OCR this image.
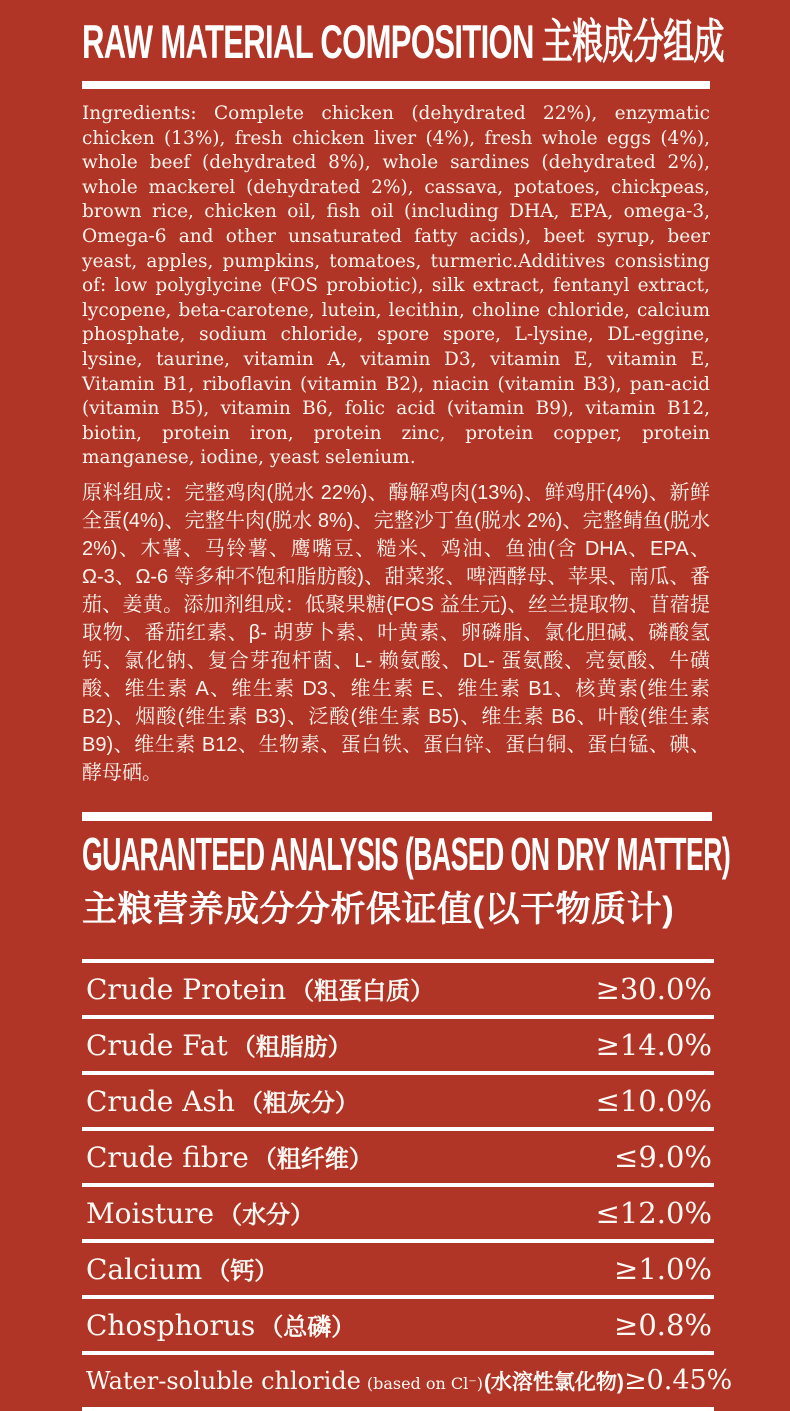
RAW MATERIAL COMPOSITION 主粮成分组成

Ingredients: Complete chicken (dehydrated 22%), enzymatic chicken (13%), fresh chicken liver (4%), fresh whole eggs (4%), whole beef (dehydrated 8%), whole sardines (dehydrated 2%), whole mackerel (dehydrated 2%), cassava, potatoes, chickpeas, brown rice, chicken oil, fish oil (including DHA, EPA, omega-3, Omega-6 and other unsaturated fatty acids), beet syrup, beer yeast, apples, pumpkins, tomatoes, turmeric.Additives consisting of: low polyglycine (FOS probiotic), silk extract, fentanyl extract, lycopene, beta-carotene, lutein, lecithin, choline chloride, calcium phosphate, sodium chloride, spore spore, L-lysine, DL-eggine, lysine, taurine, vitamin A, vitamin D3, vitamin E, vitamin E, Vitamin B1, riboflavin (vitamin B2), niacin (vitamin B3), pan-acid (vitamin B5), vitamin B6, folic acid (vitamin B9), vitamin B12, biotin, protein iron, protein zinc, protein copper, protein manganese, iodine, yeast selenium.

原料组成：完整鸡肉(脱水 22%)、酶解鸡肉(13%)、鲜鸡肝(4%)、新鲜全蛋(4%)、完整牛肉(脱水 8%)、完整沙丁鱼(脱水 2%)、完整鲭鱼(脱水 2%)、木薯、马铃薯、鹰嘴豆、糙米、鸡油、鱼油(含 DHA、EPA、Ω-3、Ω-6 等多种不饱和脂肪酸)、甜菜浆、啤酒酵母、苹果、南瓜、番茄、姜黄。添加剂组成：低聚果糖(FOS 益生元)、丝兰提取物、苜蓿提取物、番茄红素、β- 胡萝卜素、叶黄素、卵磷脂、氯化胆碱、磷酸氢钙、氯化钠、复合芽孢杆菌、L- 赖氨酸、DL- 蛋氨酸、亮氨酸、牛磺酸、维生素 A、维生素 D3、维生素 E、维生素 B1、核黄素(维生素 B2)、烟酸(维生素 B3)、泛酸(维生素 B5)、维生素 B6、叶酸(维生素 B9)、维生素 B12、生物素、蛋白铁、蛋白锌、蛋白铜、蛋白锰、碘、酵母硒。

GUARANTEED ANALYSIS (BASED ON DRY MATTER)
主粮营养成分分析保证值(以干物质计)
Crude Protein （粗蛋白质）	≥30.0%
Crude Fat （粗脂肪）	≥14.0%
Crude Ash （粗灰分）	≤10.0%
Crude fibre （粗纤维）	≤9.0%
Moisture （水分）	≤12.0%
Calcium （钙）	≥1.0%
Chosphorus （总磷）	≥0.8%
Water-soluble chloride (based on Cl⁻) (水溶性氯化物) ≥0.45%
